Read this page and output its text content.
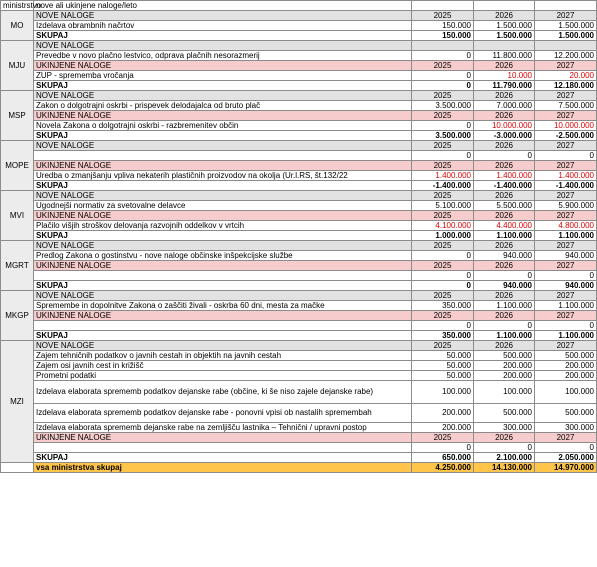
ministrstvo	nove ali ukinjene naloge/leto			
MO	NOVE NALOGE	2025	2026	2027
	Izdelava obrambnih načrtov	150.000	1.500.000	1.500.000
	SKUPAJ	150.000	1.500.000	1.500.000
MJU	NOVE NALOGE			
	Prevedbe v novo plačno lestvico, odprava plačnih nesorazmerij	0	11.800.000	12.200.000
	UKINJENE NALOGE	2025	2026	2027
	ZUP - sprememba vročanja	0	10.000	20.000
	SKUPAJ	0	11.790.000	12.180.000
MSP	NOVE NALOGE	2025	2026	2027
	Zakon o dolgotrajni oskrbi - prispevek delodajalca od bruto plač	3.500.000	7.000.000	7.500.000
	UKINJENE NALOGE	2025	2026	2027
	Novela Zakona o dolgotrajni oskrbi - razbremenitev občin	0	10.000.000	10.000.000
	SKUPAJ	3.500.000	-3.000.000	-2.500.000
MOPE	NOVE NALOGE	2025	2026	2027
		0	0	0
	UKINJENE NALOGE	2025	2026	2027
	Uredba o zmanjšanju vpliva nekaterih plastičnih proizvodov na okolja (Ur.l.RS, št.132/22	1.400.000	1.400.000	1.400.000
	SKUPAJ	-1.400.000	-1.400.000	-1.400.000
MVI	NOVE NALOGE	2025	2026	2027
	Ugodnejši normativ za svetovalne delavce	5.100.000	5.500.000	5.900.000
	UKINJENE NALOGE	2025	2026	2027
	Plačilo višjih stroškov delovanja razvojnih oddelkov v vrtcih	4.100.000	4.400.000	4.800.000
	SKUPAJ	1.000.000	1.100.000	1.100.000
MGRT	NOVE NALOGE	2025	2026	2027
	Predlog Zakona o gostinstvu - nove naloge občinske inšpekcijske službe	0	940.000	940.000
	UKINJENE NALOGE	2025	2026	2027
		0	0	0
	SKUPAJ	0	940.000	940.000
MKGP	NOVE NALOGE	2025	2026	2027
	Spremembe in dopolnitve Zakona o zaščiti živali - oskrba 60 dni, mesta za mačke	350.000	1.100.000	1.100.000
	UKINJENE NALOGE	2025	2026	2027
		0	0	0
	SKUPAJ	350.000	1.100.000	1.100.000
MZI	NOVE NALOGE	2025	2026	2027
	Zajem tehničnih podatkov o javnih cestah in objektih na javnih cestah	50.000	500.000	500.000
	Zajem osi javnih cest in križišč	50.000	200.000	200.000
	Prometni podatki	50.000	200.000	200.000
	Izdelava elaborata sprememb podatkov dejanske rabe (občine, ki še niso zajele dejanske rabe)	100.000	100.000	100.000
	Izdelava elaborata sprememb podatkov dejanske rabe - ponovni vpisi ob nastalih spremembah	200.000	500.000	500.000
	Izdelava elaborata sprememb dejanske rabe na zemljišču lastnika – Tehnični / upravni postop	200.000	300.000	300.000
	UKINJENE NALOGE	2025	2026	2027
		0	0	0
	SKUPAJ	650.000	2.100.000	2.050.000
	vsa ministrstva skupaj	4.250.000	14.130.000	14.970.000
